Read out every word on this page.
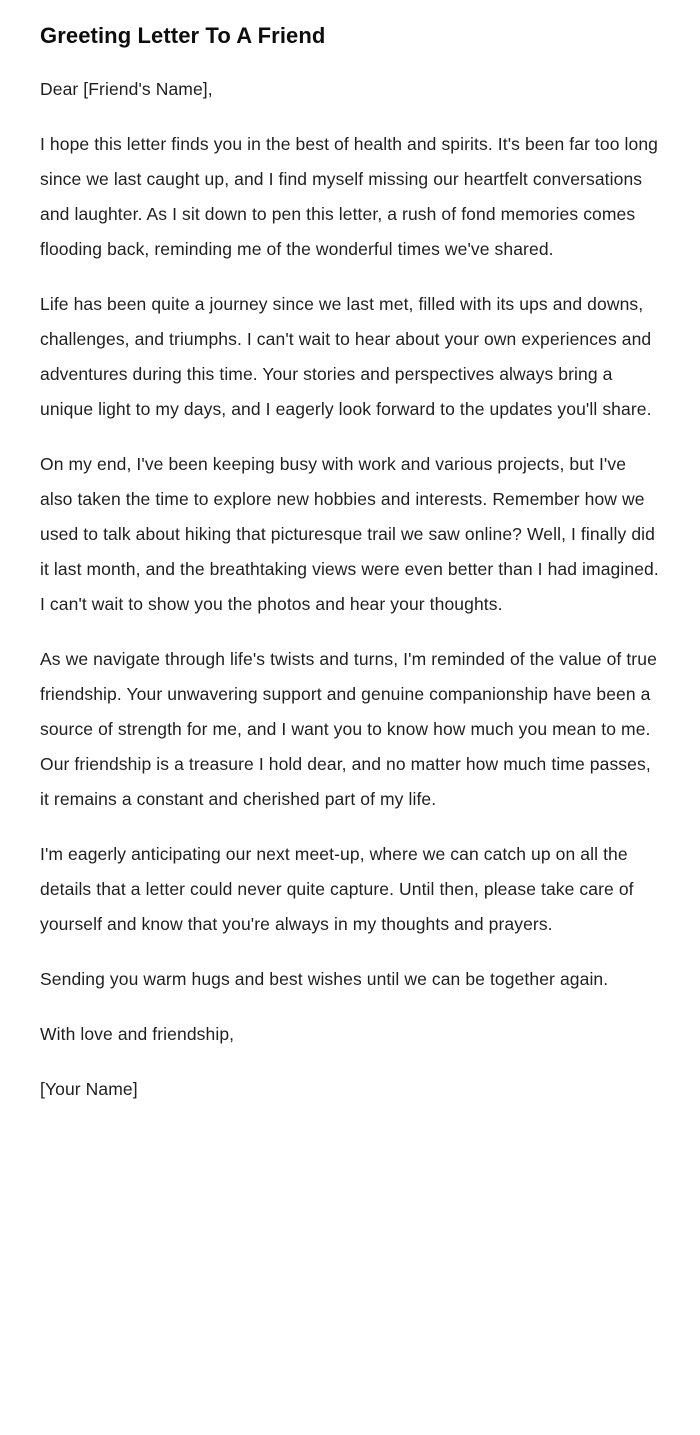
Greeting Letter To A Friend

Dear [Friend's Name],

I hope this letter finds you in the best of health and spirits. It's been far too long since we last caught up, and I find myself missing our heartfelt conversations and laughter. As I sit down to pen this letter, a rush of fond memories comes flooding back, reminding me of the wonderful times we've shared.

Life has been quite a journey since we last met, filled with its ups and downs, challenges, and triumphs. I can't wait to hear about your own experiences and adventures during this time. Your stories and perspectives always bring a unique light to my days, and I eagerly look forward to the updates you'll share.

On my end, I've been keeping busy with work and various projects, but I've also taken the time to explore new hobbies and interests. Remember how we used to talk about hiking that picturesque trail we saw online? Well, I finally did it last month, and the breathtaking views were even better than I had imagined. I can't wait to show you the photos and hear your thoughts.

As we navigate through life's twists and turns, I'm reminded of the value of true friendship. Your unwavering support and genuine companionship have been a source of strength for me, and I want you to know how much you mean to me. Our friendship is a treasure I hold dear, and no matter how much time passes, it remains a constant and cherished part of my life.

I'm eagerly anticipating our next meet-up, where we can catch up on all the details that a letter could never quite capture. Until then, please take care of yourself and know that you're always in my thoughts and prayers.

Sending you warm hugs and best wishes until we can be together again.

With love and friendship,

[Your Name]
